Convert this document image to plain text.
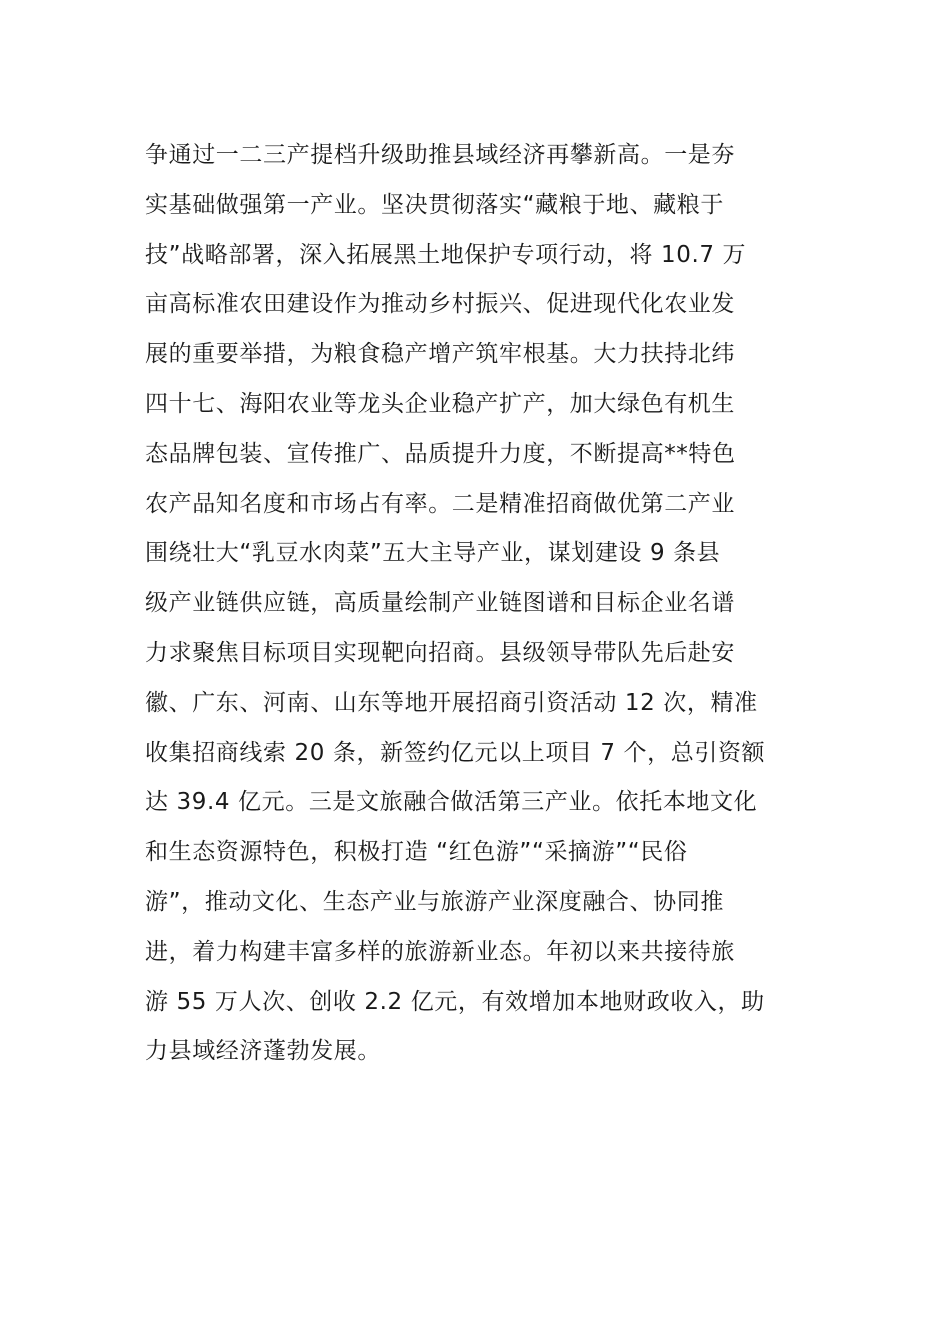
争通过一二三产提档升级助推县域经济再攀新高。一是夯
实基础做强第一产业。坚决贯彻落实“藏粮于地、藏粮于
技”战略部署，深入拓展黑土地保护专项行动，将 10.7 万
亩高标准农田建设作为推动乡村振兴、促进现代化农业发
展的重要举措，为粮食稳产增产筑牢根基。大力扶持北纬
四十七、海阳农业等龙头企业稳产扩产，加大绿色有机生
态品牌包装、宣传推广、品质提升力度，不断提高**特色
农产品知名度和市场占有率。二是精准招商做优第二产业
围绕壮大“乳豆水肉菜”五大主导产业，谋划建设 9 条县
级产业链供应链，高质量绘制产业链图谱和目标企业名谱
力求聚焦目标项目实现靶向招商。县级领导带队先后赴安
徽、广东、河南、山东等地开展招商引资活动 12 次，精准
收集招商线索 20 条，新签约亿元以上项目 7 个，总引资额
达 39.4 亿元。三是文旅融合做活第三产业。依托本地文化
和生态资源特色，积极打造 “红色游”“采摘游”“民俗
游”，推动文化、生态产业与旅游产业深度融合、协同推
进，着力构建丰富多样的旅游新业态。年初以来共接待旅
游 55 万人次、创收 2.2 亿元，有效增加本地财政收入，助
力县域经济蓬勃发展。
